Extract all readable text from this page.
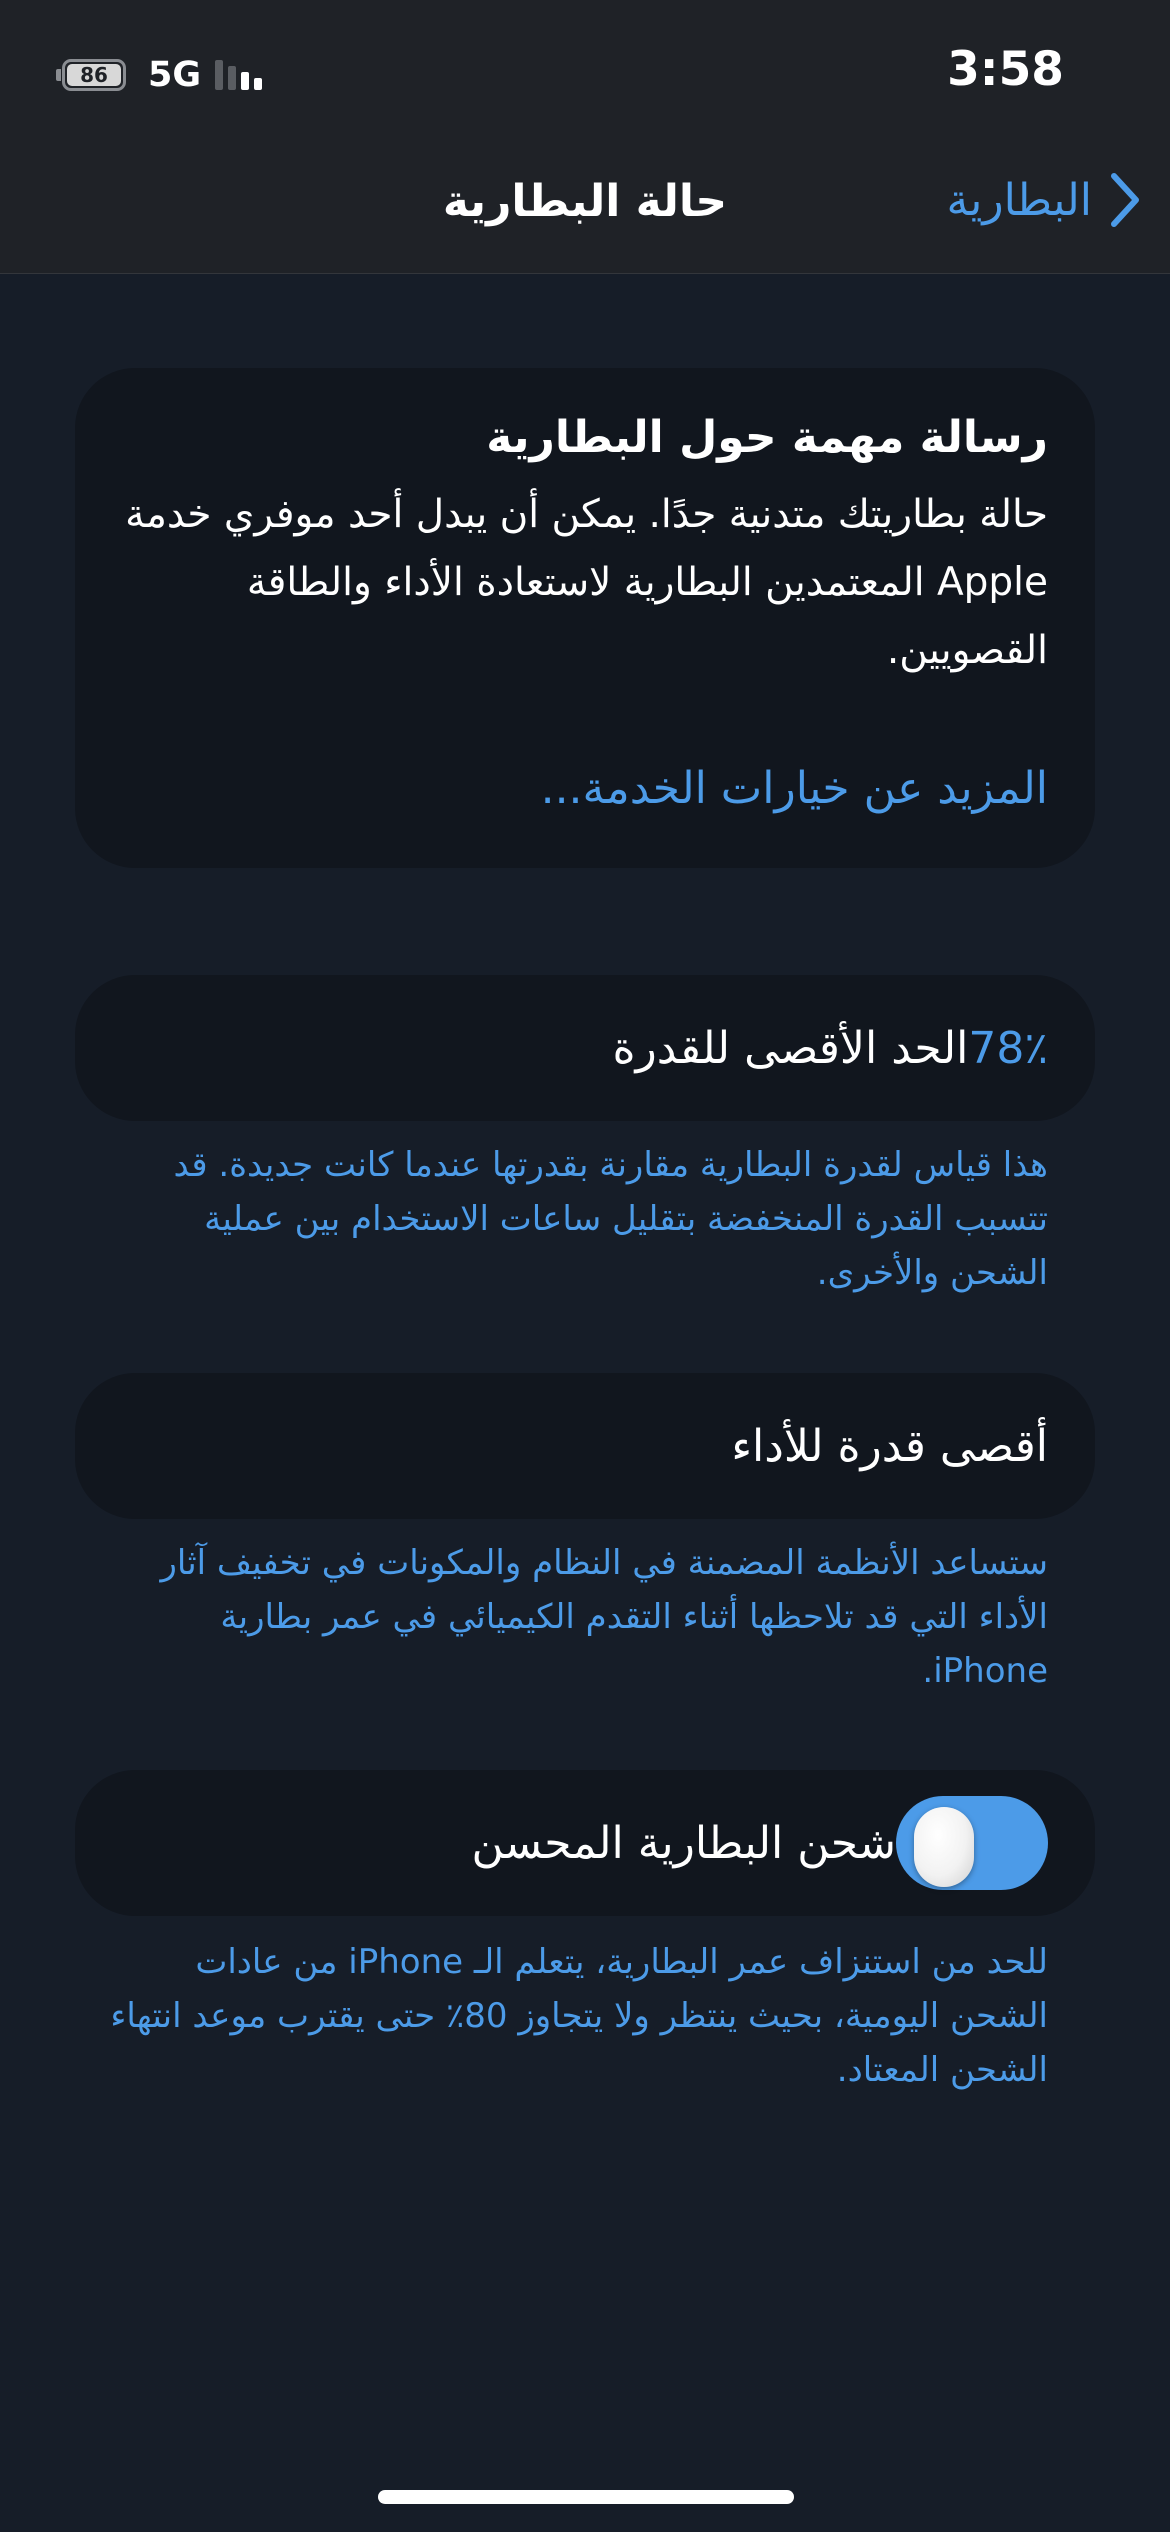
86	5G	3:58
حالة البطارية	البطارية
رسالة مهمة حول البطارية
حالة بطاريتك متدنية جدًا. يمكن أن يبدل أحد موفري خدمة Apple المعتمدين البطارية لاستعادة الأداء والطاقة القصويين.
المزيد عن خيارات الخدمة...
الحد الأقصى للقدرة 78٪
هذا قياس لقدرة البطارية مقارنة بقدرتها عندما كانت جديدة. قد تتسبب القدرة المنخفضة بتقليل ساعات الاستخدام بين عملية الشحن والأخرى.
أقصى قدرة للأداء
ستساعد الأنظمة المضمنة في النظام والمكونات في تخفيف آثار الأداء التي قد تلاحظها أثناء التقدم الكيميائي في عمر بطارية iPhone.
شحن البطارية المحسن
للحد من استنزاف عمر البطارية، يتعلم الـ iPhone من عادات الشحن اليومية، بحيث ينتظر ولا يتجاوز 80٪ حتى يقترب موعد انتهاء الشحن المعتاد.
